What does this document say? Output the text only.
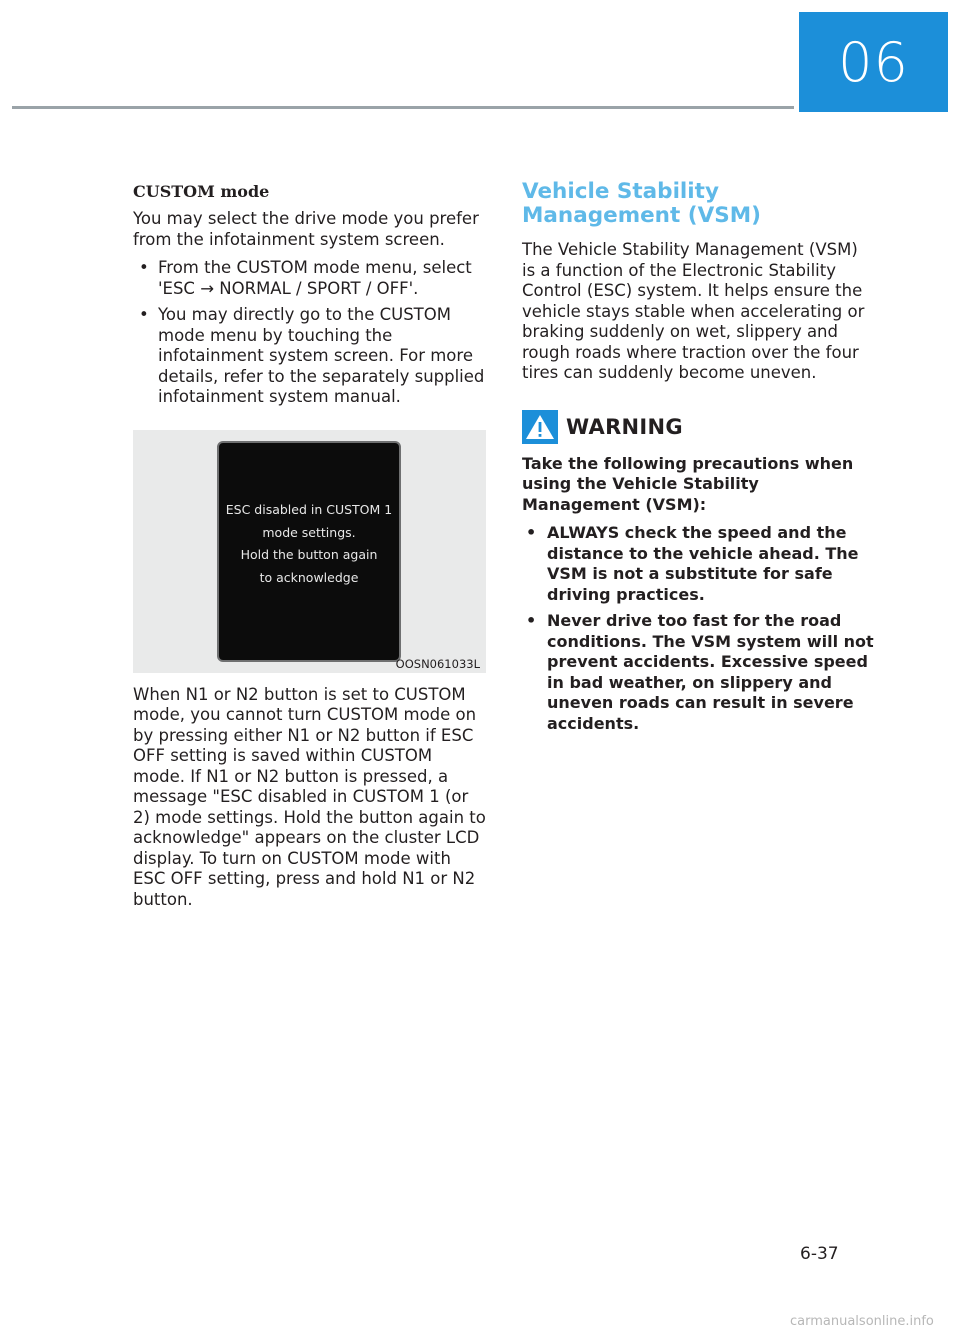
06
CUSTOM mode

You may select the drive mode you prefer from the infotainment system screen.

• From the CUSTOM mode menu, select 'ESC → NORMAL / SPORT / OFF'.
• You may directly go to the CUSTOM mode menu by touching the infotainment system screen. For more details, refer to the separately supplied infotainment system manual.
ESC disabled in CUSTOM 1
mode settings.
Hold the button again
to acknowledge
OOSN061033L

When N1 or N2 button is set to CUSTOM mode, you cannot turn CUSTOM mode on by pressing either N1 or N2 button if ESC OFF setting is saved within CUSTOM mode. If N1 or N2 button is pressed, a message "ESC disabled in CUSTOM 1 (or 2) mode settings. Hold the button again to acknowledge" appears on the cluster LCD display. To turn on CUSTOM mode with ESC OFF setting, press and hold N1 or N2 button.

Vehicle Stability Management (VSM)

The Vehicle Stability Management (VSM) is a function of the Electronic Stability Control (ESC) system. It helps ensure the vehicle stays stable when accelerating or braking suddenly on wet, slippery and rough roads where traction over the four tires can suddenly become uneven.

WARNING
Take the following precautions when using the Vehicle Stability Management (VSM):
• ALWAYS check the speed and the distance to the vehicle ahead. The VSM is not a substitute for safe driving practices.
• Never drive too fast for the road conditions. The VSM system will not prevent accidents. Excessive speed in bad weather, on slippery and uneven roads can result in severe accidents.
6-37
carmanualsonline.info
